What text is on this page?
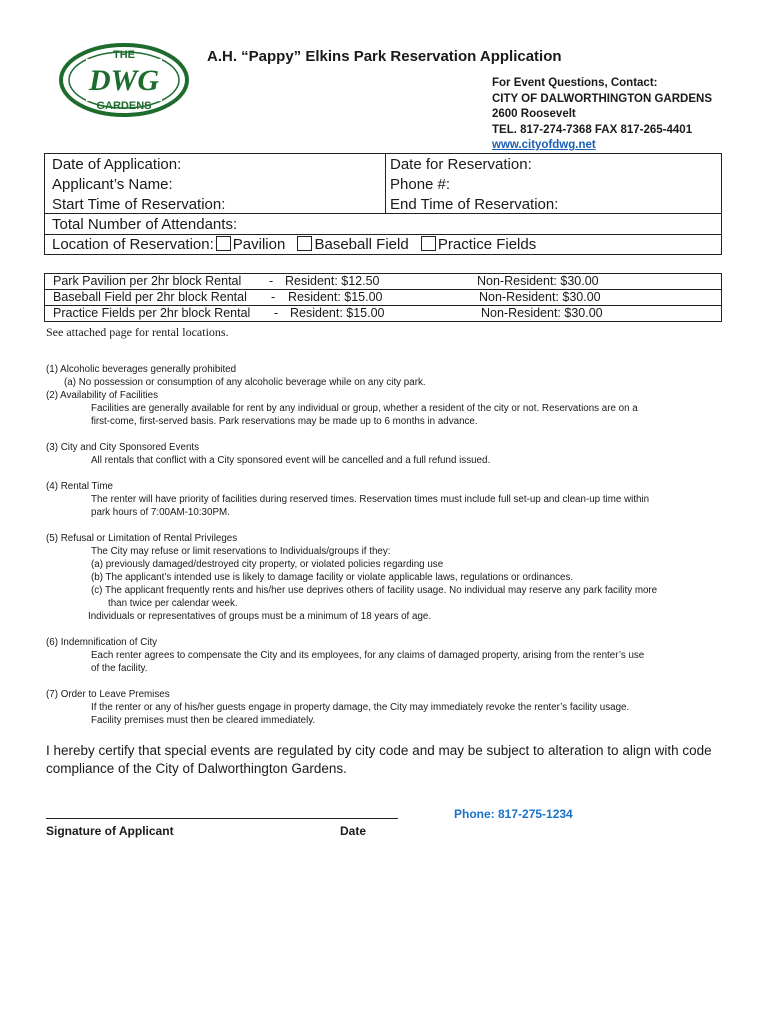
THE
DWG
GARDENS
A.H. “Pappy” Elkins Park Reservation Application
For Event Questions, Contact:
CITY OF DALWORTHINGTON GARDENS
2600 Roosevelt
TEL. 817-274-7368 FAX 817-265-4401
www.cityofdwg.net
Date of Application:	Date for Reservation:
Applicant’s Name:	Phone #:
Start Time of Reservation:	End Time of Reservation:
Total Number of Attendants:
Location of Reservation: Pavilion Baseball Field Practice Fields
Park Pavilion per 2hr block Rental - Resident: $12.50	Non-Resident: $30.00
Baseball Field per 2hr block Rental - Resident: $15.00	Non-Resident: $30.00
Practice Fields per 2hr block Rental - Resident: $15.00	Non-Resident: $30.00
See attached page for rental locations.
(1) Alcoholic beverages generally prohibited
(a) No possession or consumption of any alcoholic beverage while on any city park.
(2) Availability of Facilities
Facilities are generally available for rent by any individual or group, whether a resident of the city or not. Reservations are on a
first-come, first-served basis. Park reservations may be made up to 6 months in advance.
(3) City and City Sponsored Events
All rentals that conflict with a City sponsored event will be cancelled and a full refund issued.
(4) Rental Time
The renter will have priority of facilities during reserved times. Reservation times must include full set-up and clean-up time within
park hours of 7:00AM-10:30PM.
(5) Refusal or Limitation of Rental Privileges
The City may refuse or limit reservations to Individuals/groups if they:
(a) previously damaged/destroyed city property, or violated policies regarding use
(b) The applicant’s intended use is likely to damage facility or violate applicable laws, regulations or ordinances.
(c) The applicant frequently rents and his/her use deprives others of facility usage. No individual may reserve any park facility more
than twice per calendar week.
Individuals or representatives of groups must be a minimum of 18 years of age.
(6) Indemnification of City
Each renter agrees to compensate the City and its employees, for any claims of damaged property, arising from the renter’s use
of the facility.
(7) Order to Leave Premises
If the renter or any of his/her guests engage in property damage, the City may immediately revoke the renter’s facility usage.
Facility premises must then be cleared immediately.
I hereby certify that special events are regulated by city code and may be subject to alteration to align with code compliance of the City of Dalworthington Gardens.
Signature of Applicant	Date
Phone: 817-275-1234
